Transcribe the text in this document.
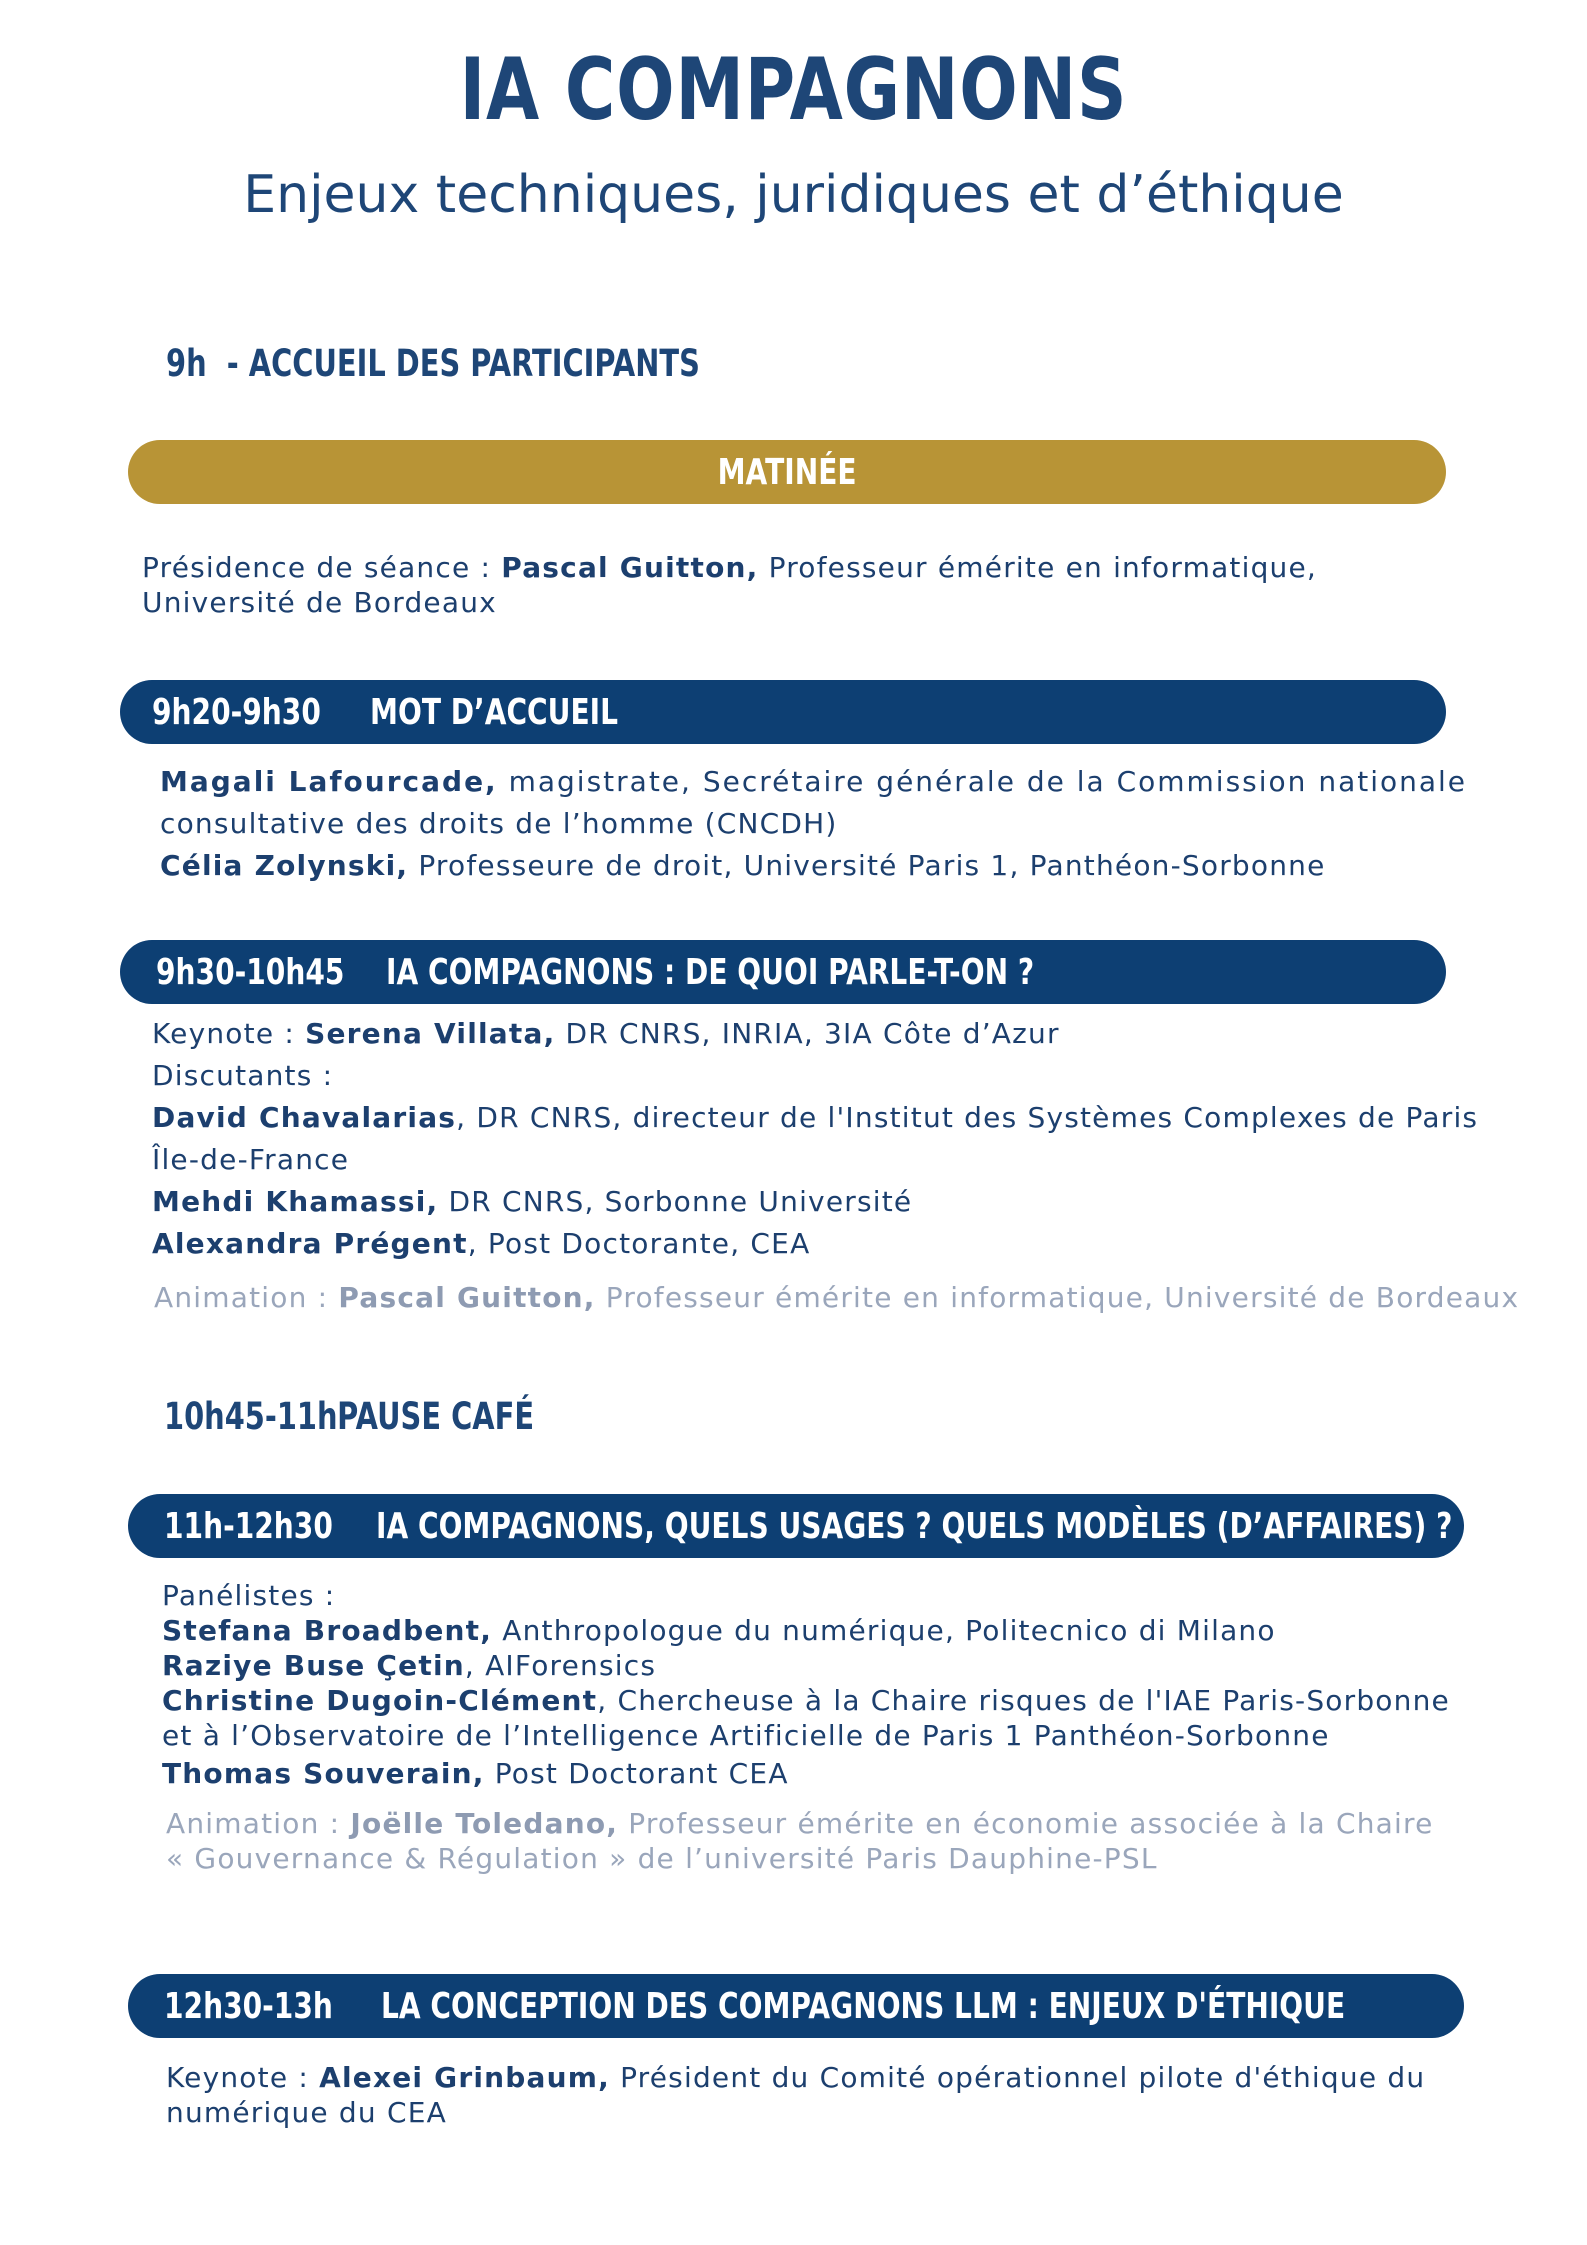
IA COMPAGNONS
Enjeux techniques, juridiques et d’éthique
9h - ACCUEIL DES PARTICIPANTS
MATINÉE
Présidence de séance : Pascal Guitton, Professeur émérite en informatique,
Université de Bordeaux
9h20-9h30	MOT D’ACCUEIL
Magali Lafourcade, magistrate, Secrétaire générale de la Commission nationale
consultative des droits de l’homme (CNCDH)
Célia Zolynski, Professeure de droit, Université Paris 1, Panthéon-Sorbonne
9h30-10h45 IA COMPAGNONS : DE QUOI PARLE-T-ON ?
Keynote : Serena Villata, DR CNRS, INRIA, 3IA Côte d’Azur
Discutants :
David Chavalarias, DR CNRS, directeur de l'Institut des Systèmes Complexes de Paris
Île-de-France
Mehdi Khamassi, DR CNRS, Sorbonne Université
Alexandra Prégent, Post Doctorante, CEA
Animation : Pascal Guitton, Professeur émérite en informatique, Université de Bordeaux
10h45-11hPAUSE CAFÉ
11h-12h30 IA COMPAGNONS, QUELS USAGES ? QUELS MODÈLES (D’AFFAIRES) ?
Panélistes :
Stefana Broadbent, Anthropologue du numérique, Politecnico di Milano
Raziye Buse Çetin, AIForensics
Christine Dugoin-Clément, Chercheuse à la Chaire risques de l'IAE Paris-Sorbonne
et à l’Observatoire de l’Intelligence Artificielle de Paris 1 Panthéon-Sorbonne
Thomas Souverain, Post Doctorant CEA
Animation : Joëlle Toledano, Professeur émérite en économie associée à la Chaire
« Gouvernance & Régulation » de l’université Paris Dauphine-PSL
12h30-13h LA CONCEPTION DES COMPAGNONS LLM : ENJEUX D'ÉTHIQUE
Keynote : Alexei Grinbaum, Président du Comité opérationnel pilote d'éthique du
numérique du CEA
